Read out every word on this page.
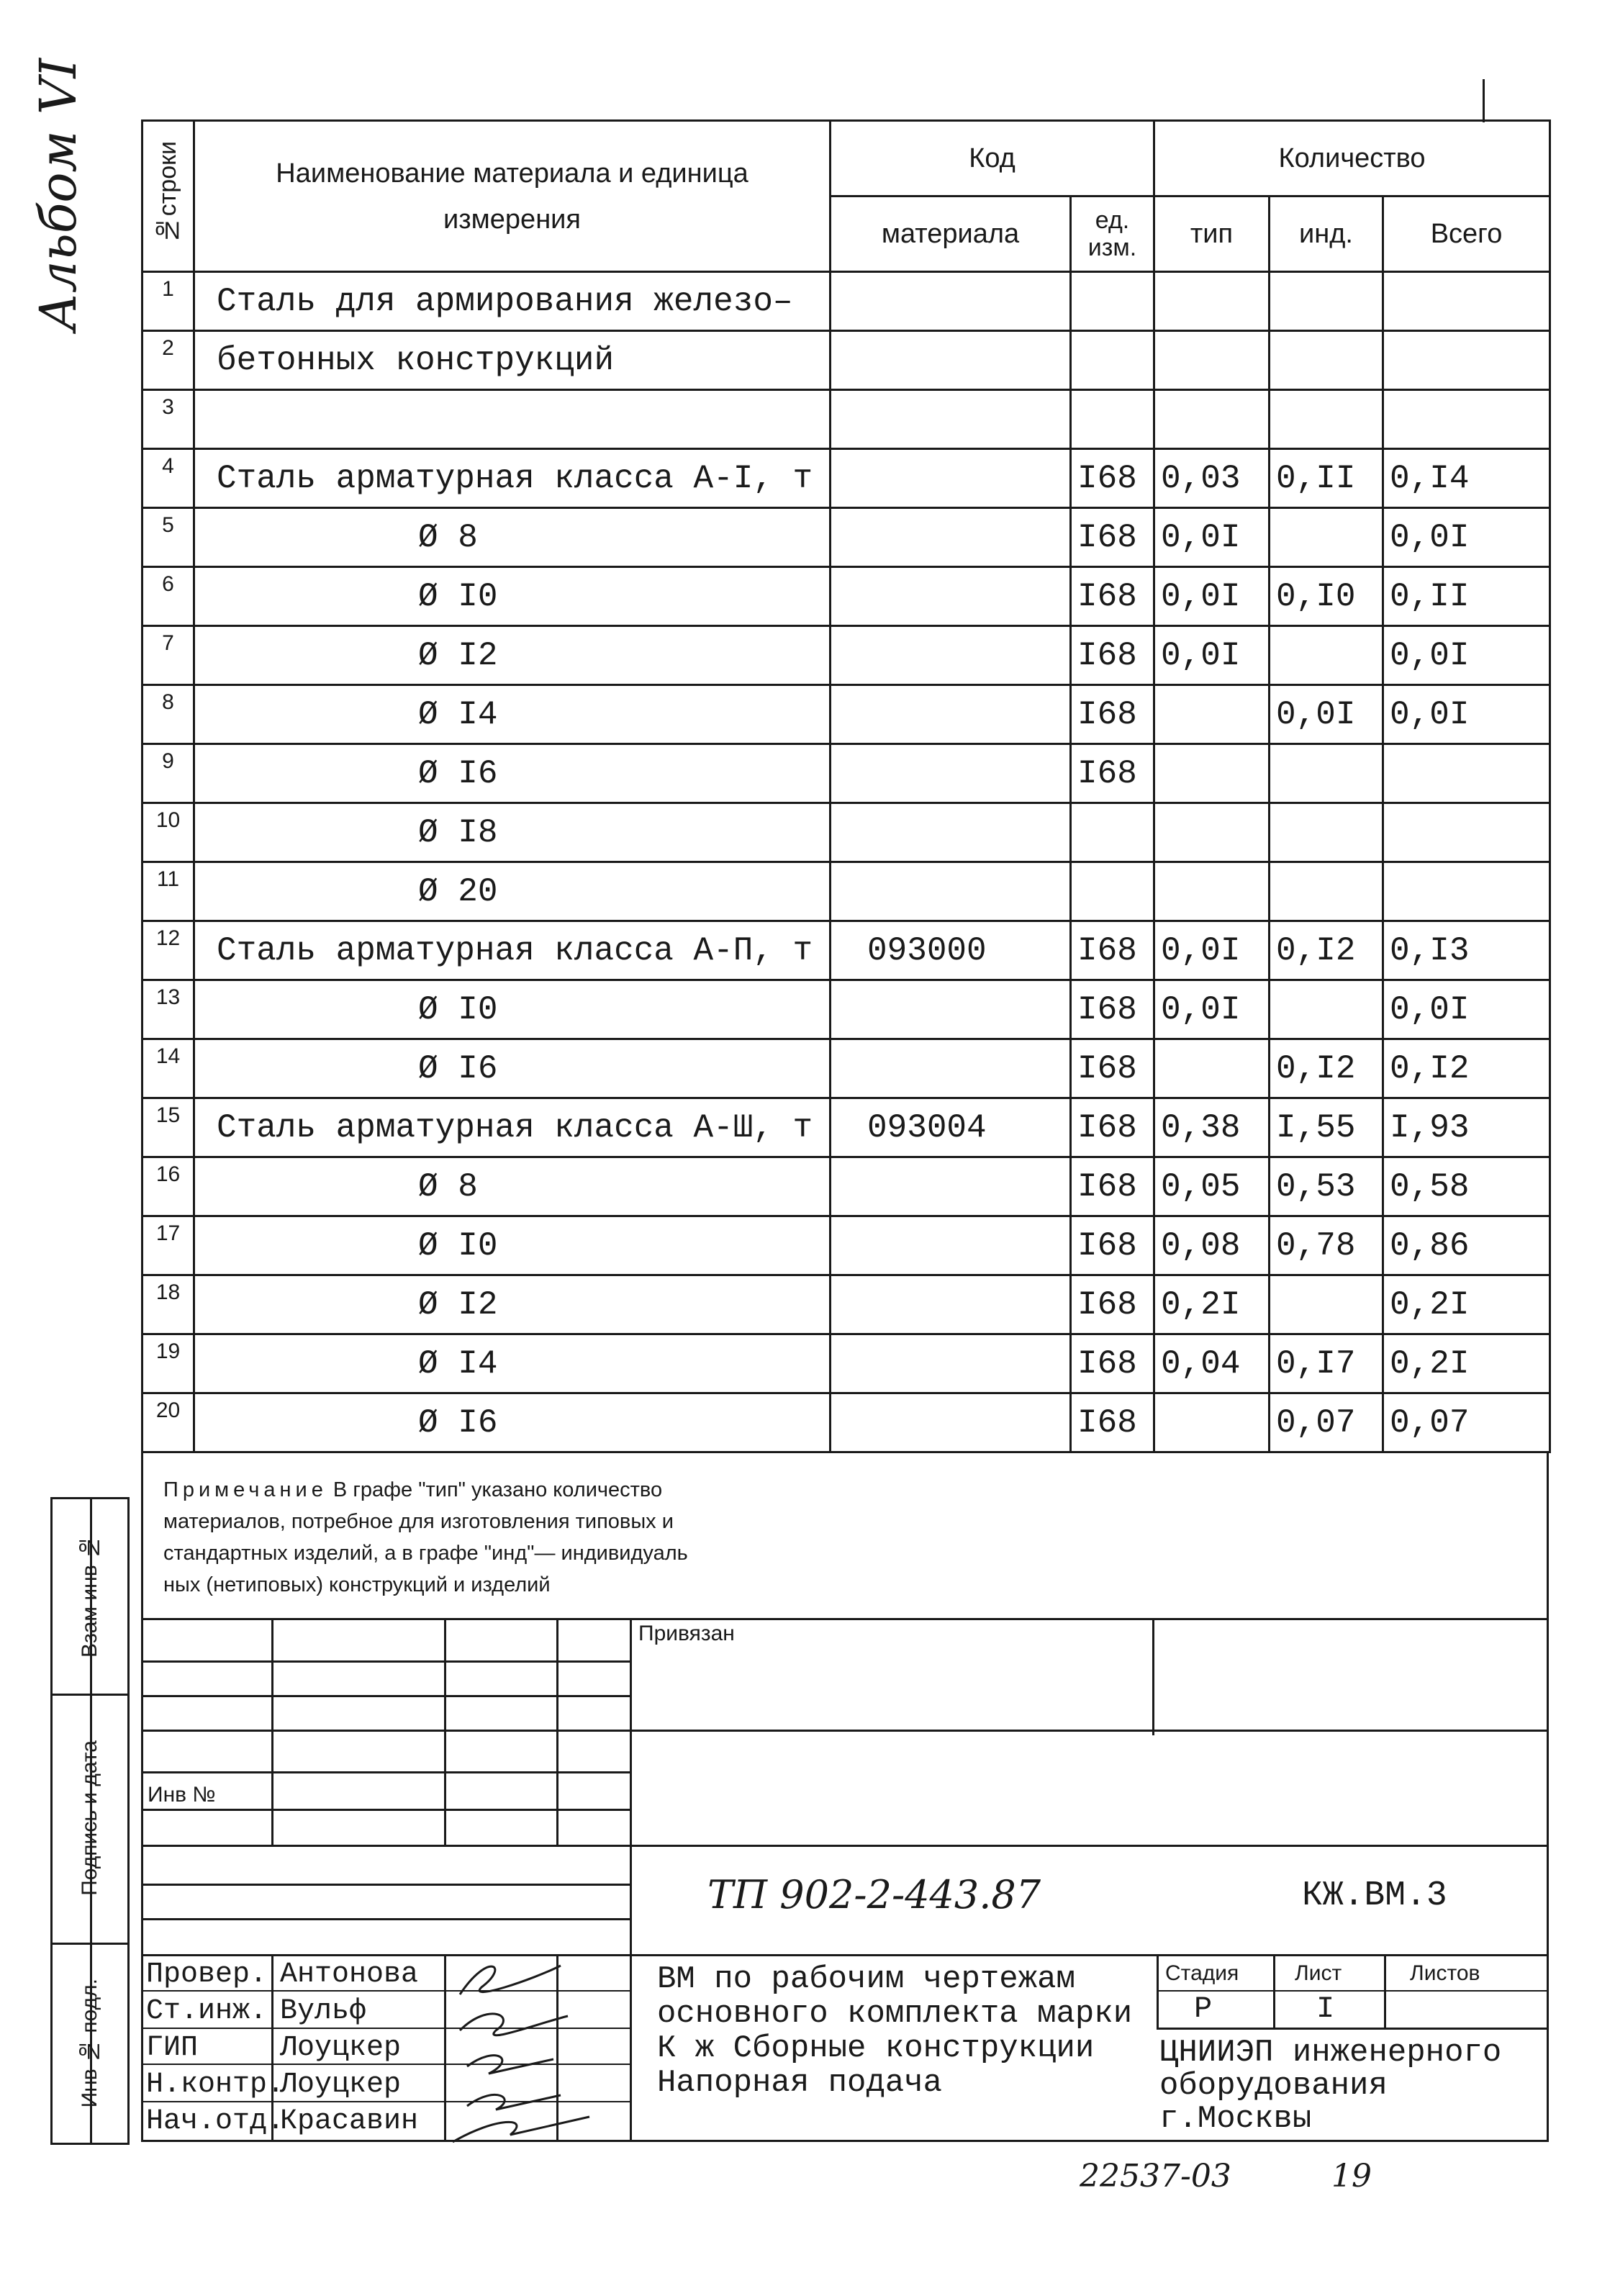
Альбом VI	№строки	Наименование материала и единица измерения	Код		Количество		
		материала	ед. изм.	тип	инд.	Всего
1	Сталь для армирования железо–					
2	бетонных конструкций					
3						
4	Сталь арматурная класса А-I, т		I68	0,03	0,II	0,I4
5	Ø 8		I68	0,0I		0,0I
6	Ø I0		I68	0,0I	0,I0	0,II
7	Ø I2		I68	0,0I		0,0I
8	Ø I4		I68		0,0I	0,0I
9	Ø I6		I68			
10	Ø I8					
11	Ø 20					
12	Сталь арматурная класса А-П, т	093000	I68	0,0I	0,I2	0,I3
13	Ø I0		I68	0,0I		0,0I
14	Ø I6		I68		0,I2	0,I2
15	Сталь арматурная класса А-Ш, т	093004	I68	0,38	I,55	I,93
16	Ø 8		I68	0,05	0,53	0,58
17	Ø I0		I68	0,08	0,78	0,86
18	Ø I2		I68	0,2I		0,2I
19	Ø I4		I68	0,04	0,I7	0,2I
20	Ø I6		I68		0,07	0,07

Примечание В графе "тип" указано количество

материалов, потребное для изготовления типовых и

стандартных изделий, а в графе "инд"— индивидуаль

ных (нетиповых) конструкций и изделий

Привязан
Инв №
ТП 902-2-443.87	КЖ.ВМ.3
Провер. Антонова
Ст.инж. Вульф
ГИП	Лоуцкер
Н.контр.
Лоуцкер
Нач.отд.
Красавин
ВМ по рабочим чертежам
основного комплекта марки
К ж Сборные конструкции
Напорная подача
Стадия	Лист	Листов
Р	I
ЦНИИЭП инженерного
оборудования
г.Москвы
Взам инв №
Подпись и дата
Инв № подл.
22537-03	19
